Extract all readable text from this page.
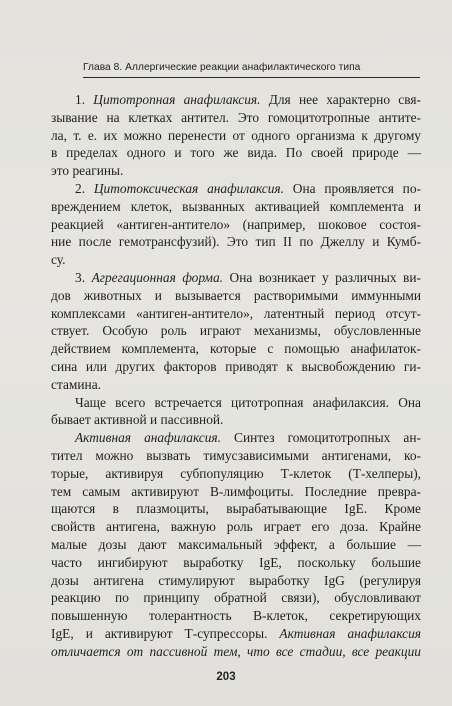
Глава 8. Аллергические реакции анафилактического типа
1. Цитотропная анафилаксия. Для нее характерно свя-
зывание на клетках антител. Это гомоцитотропные антите-
ла, т. е. их можно перенести от одного организма к другому
в пределах одного и того же вида. По своей природе —
это реагины.
2. Цитотоксическая анафилаксия. Она проявляется по-
вреждением клеток, вызванных активацией комплемента и
реакцией «антиген-антитело» (например, шоковое состоя-
ние после гемотрансфузий). Это тип II по Джеллу и Кумб-
су.
3. Агрегационная форма. Она возникает у различных ви-
дов животных и вызывается растворимыми иммунными
комплексами «антиген-антитело», латентный период отсут-
ствует. Особую роль играют механизмы, обусловленные
действием комплемента, которые с помощью анафилаток-
сина или других факторов приводят к высвобождению ги-
стамина.
Чаще всего встречается цитотропная анафилаксия. Она
бывает активной и пассивной.
Активная анафилаксия. Синтез гомоцитотропных ан-
тител можно вызвать тимусзависимыми антигенами, ко-
торые, активируя субпопуляцию Т-клеток (Т-хелперы),
тем самым активируют В-лимфоциты. Последние превра-
щаются в плазмоциты, вырабатывающие IgE. Кроме
свойств антигена, важную роль играет его доза. Крайне
малые дозы дают максимальный эффект, а большие —
часто ингибируют выработку IgE, поскольку большие
дозы антигена стимулируют выработку IgG (регулируя
реакцию по принципу обратной связи), обусловливают
повышенную толерантность В-клеток, секретирующих
IgE, и активируют Т-супрессоры. Активная анафилаксия
отличается от пассивной тем, что все стадии, все реакции
203
